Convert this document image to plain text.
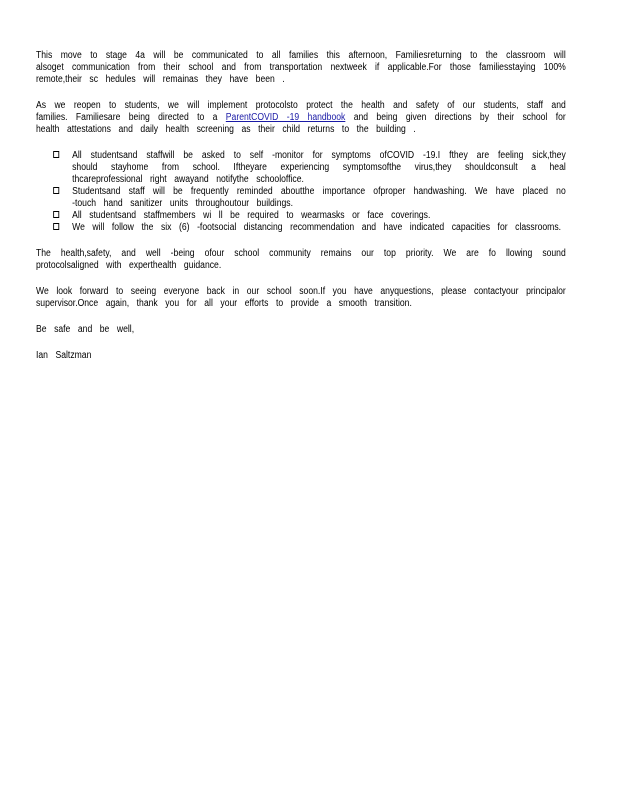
This move to stage 4a will be communicated to all families this afternoon, Familiesreturning to the classroom will alsoget communication from their school and from transportation nextweek if applicable.For those familiesstaying 100% remote,their sc hedules will remainas they have been .

As we reopen to students, we will implement protocolsto protect the health and safety of our students, staff and families. Familiesare being directed to a ParentCOVID -19 handbook and being given directions by their school for health attestations and daily health screening as their child returns to the building .

All studentsand staffwill be asked to self -monitor for symptoms ofCOVID -19.I fthey are feeling sick,they should stayhome from school. Iftheyare experiencing symptomsofthe virus,they shouldconsult a heal thcareprofessional right awayand notifythe schooloffice.
Studentsand staff will be frequently reminded aboutthe importance ofproper handwashing. We have placed no -touch hand sanitizer units throughoutour buildings.
All studentsand staffmembers wi ll be required to wearmasks or face coverings.
We will follow the six (6) -footsocial distancing recommendation and have indicated capacities for classrooms.

The health,safety, and well -being ofour school community remains our top priority. We are fo llowing sound protocolsaligned with experthealth guidance.

We look forward to seeing everyone back in our school soon.If you have anyquestions, please contactyour principalor supervisor.Once again, thank you for all your efforts to provide a smooth transition.

Be safe and be well,

Ian Saltzman
